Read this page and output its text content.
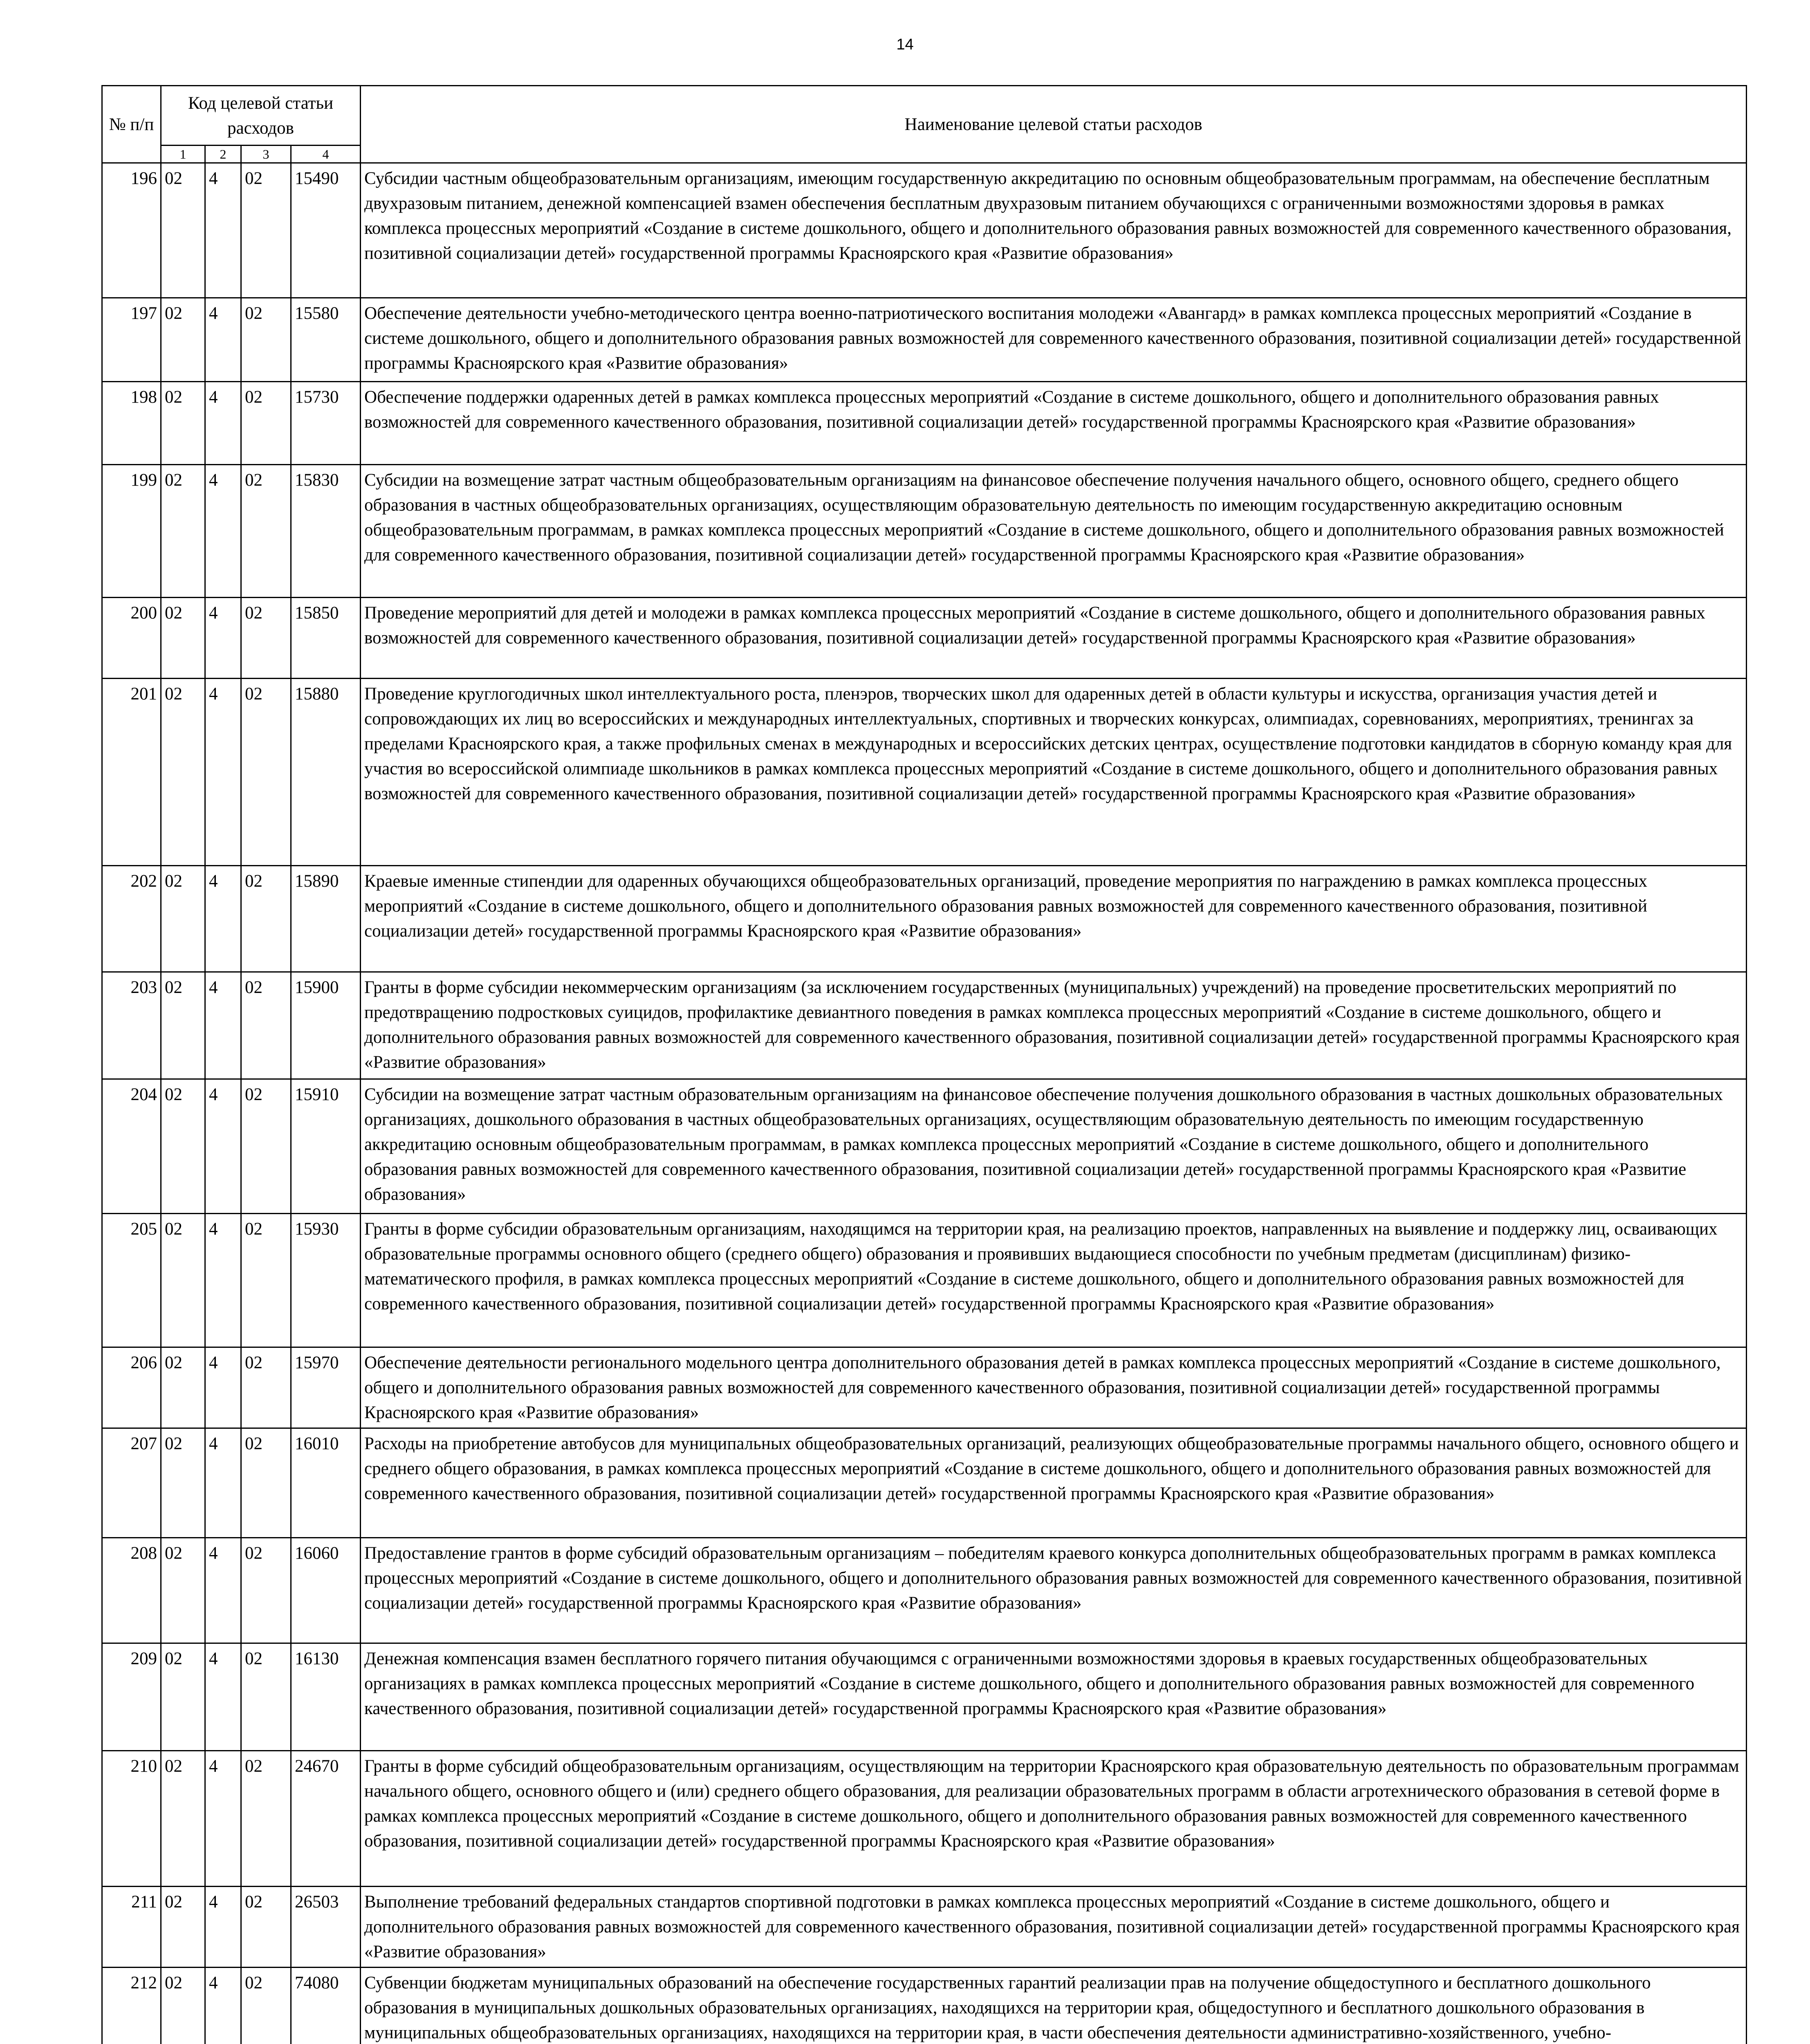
14
№ п/п	Код целевой статьи расходов				Наименование целевой статьи расходов
	1	2	3	4	
196	02	4	02	15490	Субсидии частным общеобразовательным организациям, имеющим государственную аккредитацию по основным общеобразовательным программам, на обеспечение бесплатным двухразовым питанием, денежной компенсацией взамен обеспечения бесплатным двухразовым питанием обучающихся с ограниченными возможностями здоровья в рамках комплекса процессных мероприятий «Создание в системе дошкольного, общего и дополнительного образования равных возможностей для современного качественного образования, позитивной социализации детей» государственной программы Красноярского края «Развитие образования»
197	02	4	02	15580	Обеспечение деятельности учебно-методического центра военно-патриотического воспитания молодежи «Авангард» в рамках комплекса процессных мероприятий «Создание в системе дошкольного, общего и дополнительного образования равных возможностей для современного качественного образования, позитивной социализации детей» государственной программы Красноярского края «Развитие образования»
198	02	4	02	15730	Обеспечение поддержки одаренных детей в рамках комплекса процессных мероприятий «Создание в системе дошкольного, общего и дополнительного образования равных возможностей для современного качественного образования, позитивной социализации детей» государственной программы Красноярского края «Развитие образования»
199	02	4	02	15830	Субсидии на возмещение затрат частным общеобразовательным организациям на финансовое обеспечение получения начального общего, основного общего, среднего общего образования в частных общеобразовательных организациях, осуществляющим образовательную деятельность по имеющим государственную аккредитацию основным общеобразовательным программам, в рамках комплекса процессных мероприятий «Создание в системе дошкольного, общего и дополнительного образования равных возможностей для современного качественного образования, позитивной социализации детей» государственной программы Красноярского края «Развитие образования»
200	02	4	02	15850	Проведение мероприятий для детей и молодежи в рамках комплекса процессных мероприятий «Создание в системе дошкольного, общего и дополнительного образования равных возможностей для современного качественного образования, позитивной социализации детей» государственной программы Красноярского края «Развитие образования»
201	02	4	02	15880	Проведение круглогодичных школ интеллектуального роста, пленэров, творческих школ для одаренных детей в области культуры и искусства, организация участия детей и сопровождающих их лиц во всероссийских и международных интеллектуальных, спортивных и творческих конкурсах, олимпиадах, соревнованиях, мероприятиях, тренингах за пределами Красноярского края, а также профильных сменах в международных и всероссийских детских центрах, осуществление подготовки кандидатов в сборную команду края для участия во всероссийской олимпиаде школьников в рамках комплекса процессных мероприятий «Создание в системе дошкольного, общего и дополнительного образования равных возможностей для современного качественного образования, позитивной социализации детей» государственной программы Красноярского края «Развитие образования»
202	02	4	02	15890	Краевые именные стипендии для одаренных обучающихся общеобразовательных организаций, проведение мероприятия по награждению в рамках комплекса процессных мероприятий «Создание в системе дошкольного, общего и дополнительного образования равных возможностей для современного качественного образования, позитивной социализации детей» государственной программы Красноярского края «Развитие образования»
203	02	4	02	15900	Гранты в форме субсидии некоммерческим организациям (за исключением государственных (муниципальных) учреждений) на проведение просветительских мероприятий по предотвращению подростковых суицидов, профилактике девиантного поведения в рамках комплекса процессных мероприятий «Создание в системе дошкольного, общего и дополнительного образования равных возможностей для современного качественного образования, позитивной социализации детей» государственной программы Красноярского края «Развитие образования»
204	02	4	02	15910	Субсидии на возмещение затрат частным образовательным организациям на финансовое обеспечение получения дошкольного образования в частных дошкольных образовательных организациях, дошкольного образования в частных общеобразовательных организациях, осуществляющим образовательную деятельность по имеющим государственную аккредитацию основным общеобразовательным программам, в рамках комплекса процессных мероприятий «Создание в системе дошкольного, общего и дополнительного образования равных возможностей для современного качественного образования, позитивной социализации детей» государственной программы Красноярского края «Развитие образования»
205	02	4	02	15930	Гранты в форме субсидии образовательным организациям, находящимся на территории края, на реализацию проектов, направленных на выявление и поддержку лиц, осваивающих образовательные программы основного общего (среднего общего) образования и проявивших выдающиеся способности по учебным предметам (дисциплинам) физико-математического профиля, в рамках комплекса процессных мероприятий «Создание в системе дошкольного, общего и дополнительного образования равных возможностей для современного качественного образования, позитивной социализации детей» государственной программы Красноярского края «Развитие образования»
206	02	4	02	15970	Обеспечение деятельности регионального модельного центра дополнительного образования детей в рамках комплекса процессных мероприятий «Создание в системе дошкольного, общего и дополнительного образования равных возможностей для современного качественного образования, позитивной социализации детей» государственной программы Красноярского края «Развитие образования»
207	02	4	02	16010	Расходы на приобретение автобусов для муниципальных общеобразовательных организаций, реализующих общеобразовательные программы начального общего, основного общего и среднего общего образования, в рамках комплекса процессных мероприятий «Создание в системе дошкольного, общего и дополнительного образования равных возможностей для современного качественного образования, позитивной социализации детей» государственной программы Красноярского края «Развитие образования»
208	02	4	02	16060	Предоставление грантов в форме субсидий образовательным организациям – победителям краевого конкурса дополнительных общеобразовательных программ в рамках комплекса процессных мероприятий «Создание в системе дошкольного, общего и дополнительного образования равных возможностей для современного качественного образования, позитивной социализации детей» государственной программы Красноярского края «Развитие образования»
209	02	4	02	16130	Денежная компенсация взамен бесплатного горячего питания обучающимся с ограниченными возможностями здоровья в краевых государственных общеобразовательных организациях в рамках комплекса процессных мероприятий «Создание в системе дошкольного, общего и дополнительного образования равных возможностей для современного качественного образования, позитивной социализации детей» государственной программы Красноярского края «Развитие образования»
210	02	4	02	24670	Гранты в форме субсидий общеобразовательным организациям, осуществляющим на территории Красноярского края образовательную деятельность по образовательным программам начального общего, основного общего и (или) среднего общего образования, для реализации образовательных программ в области агротехнического образования в сетевой форме в рамках комплекса процессных мероприятий «Создание в системе дошкольного, общего и дополнительного образования равных возможностей для современного качественного образования, позитивной социализации детей» государственной программы Красноярского края «Развитие образования»
211	02	4	02	26503	Выполнение требований федеральных стандартов спортивной подготовки в рамках комплекса процессных мероприятий «Создание в системе дошкольного, общего и дополнительного образования равных возможностей для современного качественного образования, позитивной социализации детей» государственной программы Красноярского края «Развитие образования»
212	02	4	02	74080	Субвенции бюджетам муниципальных образований на обеспечение государственных гарантий реализации прав на получение общедоступного и бесплатного дошкольного образования в муниципальных дошкольных образовательных организациях, находящихся на территории края, общедоступного и бесплатного дошкольного образования в муниципальных общеобразовательных организациях, находящихся на территории края, в части обеспечения деятельности административно-хозяйственного, учебно-
